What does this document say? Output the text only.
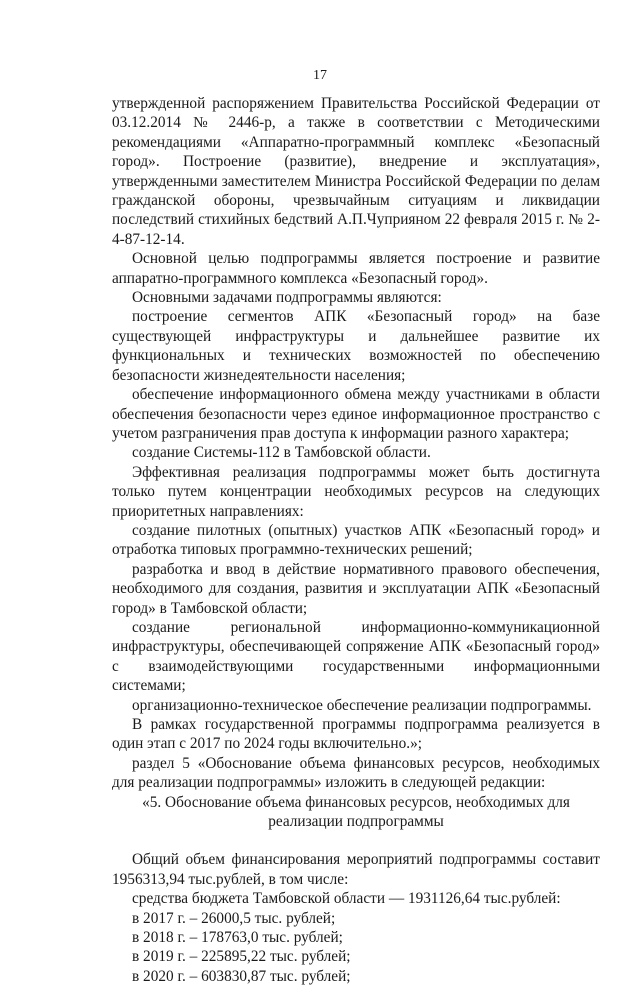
17

утвержденной распоряжением Правительства Российской Федерации от 03.12.2014 № 2446-р, а также в соответствии с Методическими рекомендациями «Аппаратно-программный комплекс «Безопасный город». Построение (развитие), внедрение и эксплуатация», утвержденными заместителем Министра Российской Федерации по делам гражданской обороны, чрезвычайным ситуациям и ликвидации последствий стихийных бедствий А.П.Чуприяном 22 февраля 2015 г. № 2-4-87-12-14.

Основной целью подпрограммы является построение и развитие аппаратно-программного комплекса «Безопасный город».

Основными задачами подпрограммы являются:

построение сегментов АПК «Безопасный город» на базе существующей инфраструктуры и дальнейшее развитие их функциональных и технических возможностей по обеспечению безопасности жизнедеятельности населения;

обеспечение информационного обмена между участниками в области обеспечения безопасности через единое информационное пространство с учетом разграничения прав доступа к информации разного характера;

создание Системы-112 в Тамбовской области.

Эффективная реализация подпрограммы может быть достигнута только путем концентрации необходимых ресурсов на следующих приоритетных направлениях:

создание пилотных (опытных) участков АПК «Безопасный город» и отработка типовых программно-технических решений;

разработка и ввод в действие нормативного правового обеспечения, необходимого для создания, развития и эксплуатации АПК «Безопасный город» в Тамбовской области;

создание региональной информационно-коммуникационной инфраструктуры, обеспечивающей сопряжение АПК «Безопасный город» с взаимодействующими государственными информационными системами;

организационно-техническое обеспечение реализации подпрограммы.

В рамках государственной программы подпрограмма реализуется в один этап с 2017 по 2024 годы включительно.»;

раздел 5 «Обоснование объема финансовых ресурсов, необходимых для реализации подпрограммы» изложить в следующей редакции:

«5. Обоснование объема финансовых ресурсов, необходимых для реализации подпрограммы

Общий объем финансирования мероприятий подпрограммы составит 1956313,94 тыс.рублей, в том числе:

средства бюджета Тамбовской области — 1931126,64 тыс.рублей:

в 2017 г. – 26000,5 тыс. рублей;

в 2018 г. – 178763,0 тыс. рублей;

в 2019 г. – 225895,22 тыс. рублей;

в 2020 г. – 603830,87 тыс. рублей;
